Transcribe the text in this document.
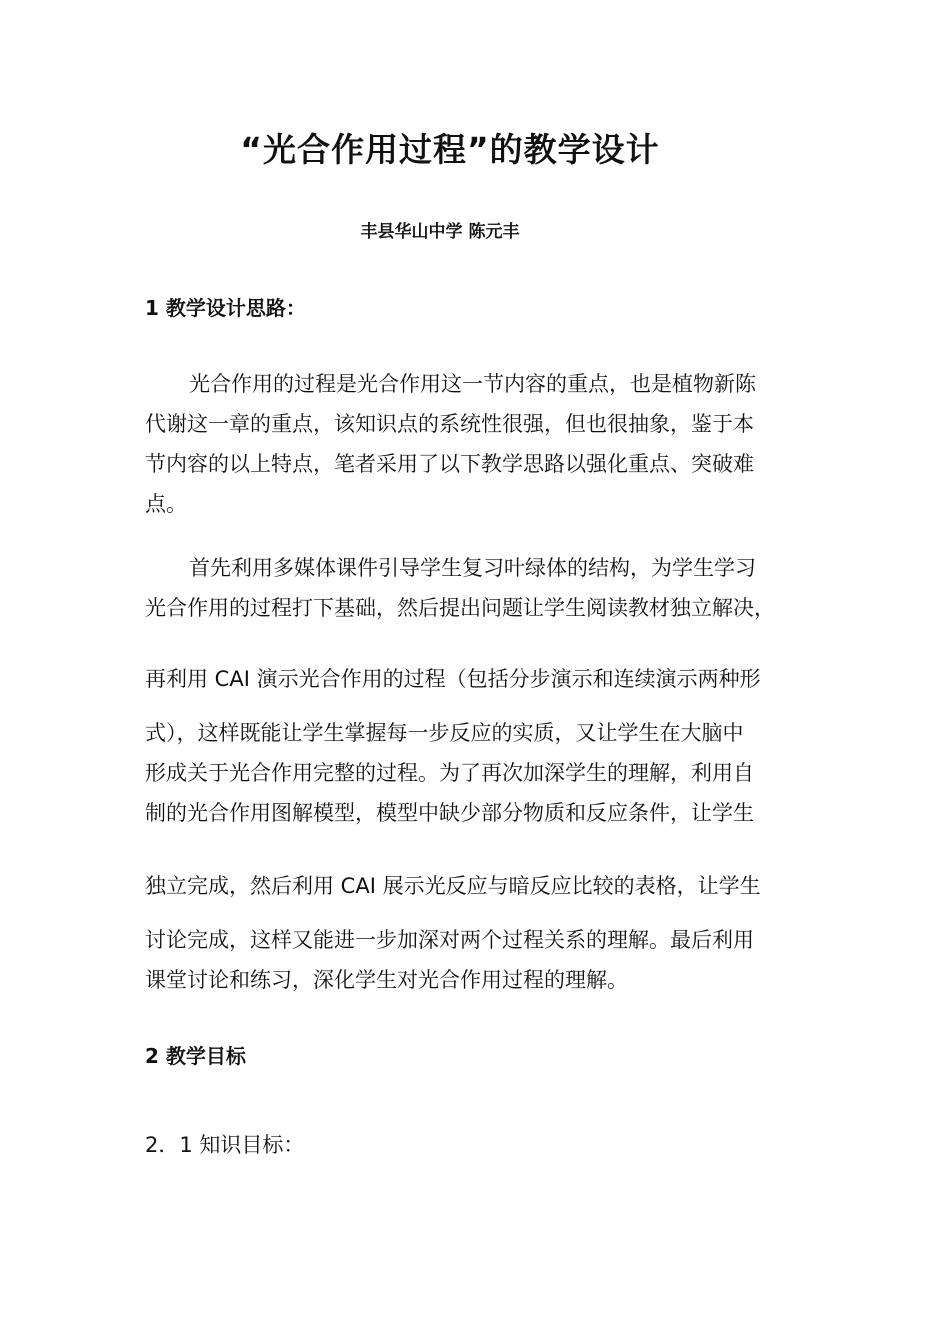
“光合作用过程”的教学设计
丰县华山中学 陈元丰
1 教学设计思路：
光合作用的过程是光合作用这一节内容的重点，也是植物新陈
代谢这一章的重点，该知识点的系统性很强，但也很抽象，鉴于本
节内容的以上特点，笔者采用了以下教学思路以强化重点、突破难
点。
首先利用多媒体课件引导学生复习叶绿体的结构，为学生学习
光合作用的过程打下基础，然后提出问题让学生阅读教材独立解决，
再利用 CAI 演示光合作用的过程（包括分步演示和连续演示两种形
式），这样既能让学生掌握每一步反应的实质，又让学生在大脑中
形成关于光合作用完整的过程。为了再次加深学生的理解，利用自
制的光合作用图解模型，模型中缺少部分物质和反应条件，让学生
独立完成，然后利用 CAI 展示光反应与暗反应比较的表格，让学生
讨论完成，这样又能进一步加深对两个过程关系的理解。最后利用
课堂讨论和练习，深化学生对光合作用过程的理解。
2 教学目标
2．1 知识目标：
